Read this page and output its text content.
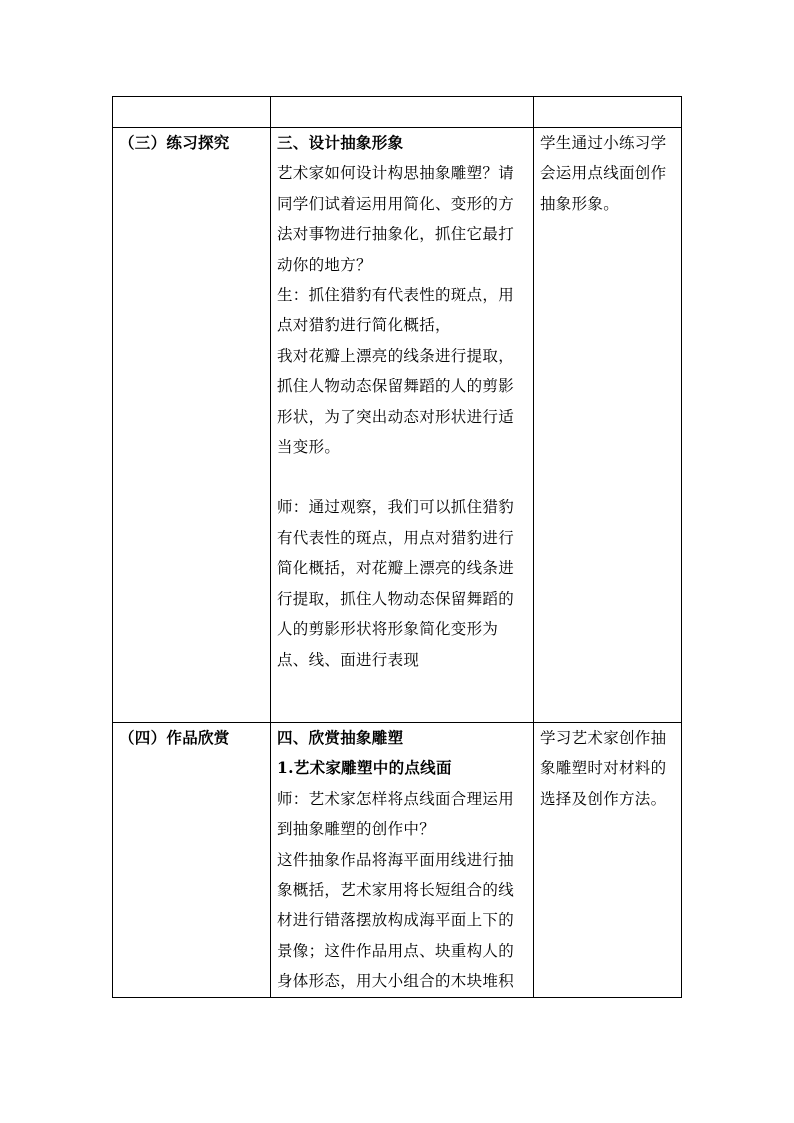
（三）练习探究	三、设计抽象形象

艺术家如何设计构思抽象雕塑？请同学们试着运用用简化、变形的方法对事物进行抽象化，抓住它最打动你的地方？

生：抓住猎豹有代表性的斑点，用点对猎豹进行简化概括，

我对花瓣上漂亮的线条进行提取，抓住人物动态保留舞蹈的人的剪影形状，为了突出动态对形状进行适当变形。

师：通过观察，我们可以抓住猎豹有代表性的斑点，用点对猎豹进行简化概括，对花瓣上漂亮的线条进行提取，抓住人物动态保留舞蹈的人的剪影形状将形象简化变形为点、线、面进行表现	学生通过小练习学会运用点线面创作抽象形象。
（四）作品欣赏	四、欣赏抽象雕塑

1.艺术家雕塑中的点线面

师：艺术家怎样将点线面合理运用到抽象雕塑的创作中？

这件抽象作品将海平面用线进行抽象概括，艺术家用将长短组合的线材进行错落摆放构成海平面上下的景像；这件作品用点、块重构人的身体形态，用大小组合的木块堆积	学习艺术家创作抽象雕塑时对材料的选择及创作方法。
